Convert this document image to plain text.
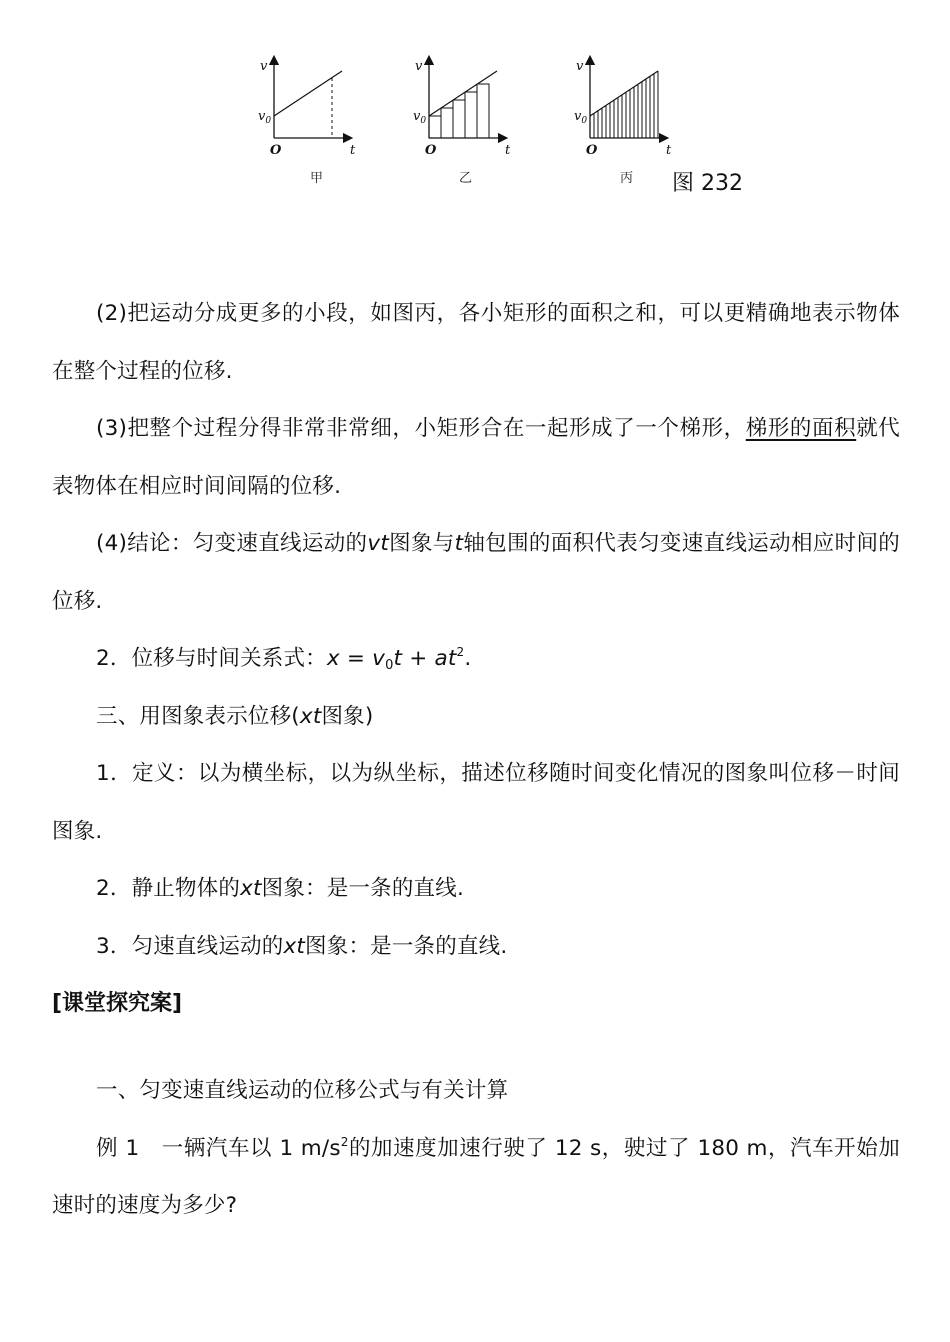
v
t
O
$v_0$
甲
v
t
O
$v_0$
乙
v
t
O
$v_0$
丙 图 232

(2)把运动分成更多的小段，如图丙，各小矩形的面积之和，可以更精确地表示物体在整个过程的位移.

(3)把整个过程分得非常非常细，小矩形合在一起形成了一个梯形，梯形的面积就代表物体在相应时间间隔的位移.

(4)结论：匀变速直线运动的vt图象与t轴包围的面积代表匀变速直线运动相应时间的位移.

2．位移与时间关系式：$x = v_0t + at^2$.

三、用图象表示位移(xt图象)

1．定义：以为横坐标，以为纵坐标，描述位移随时间变化情况的图象叫位移－时间图象.

2．静止物体的xt图象：是一条的直线.

3．匀速直线运动的xt图象：是一条的直线.

[课堂探究案]

一、匀变速直线运动的位移公式与有关计算

例 1　一辆汽车以 1 $m/s^2$的加速度加速行驶了 12 s，驶过了 180 m，汽车开始加速时的速度为多少?
